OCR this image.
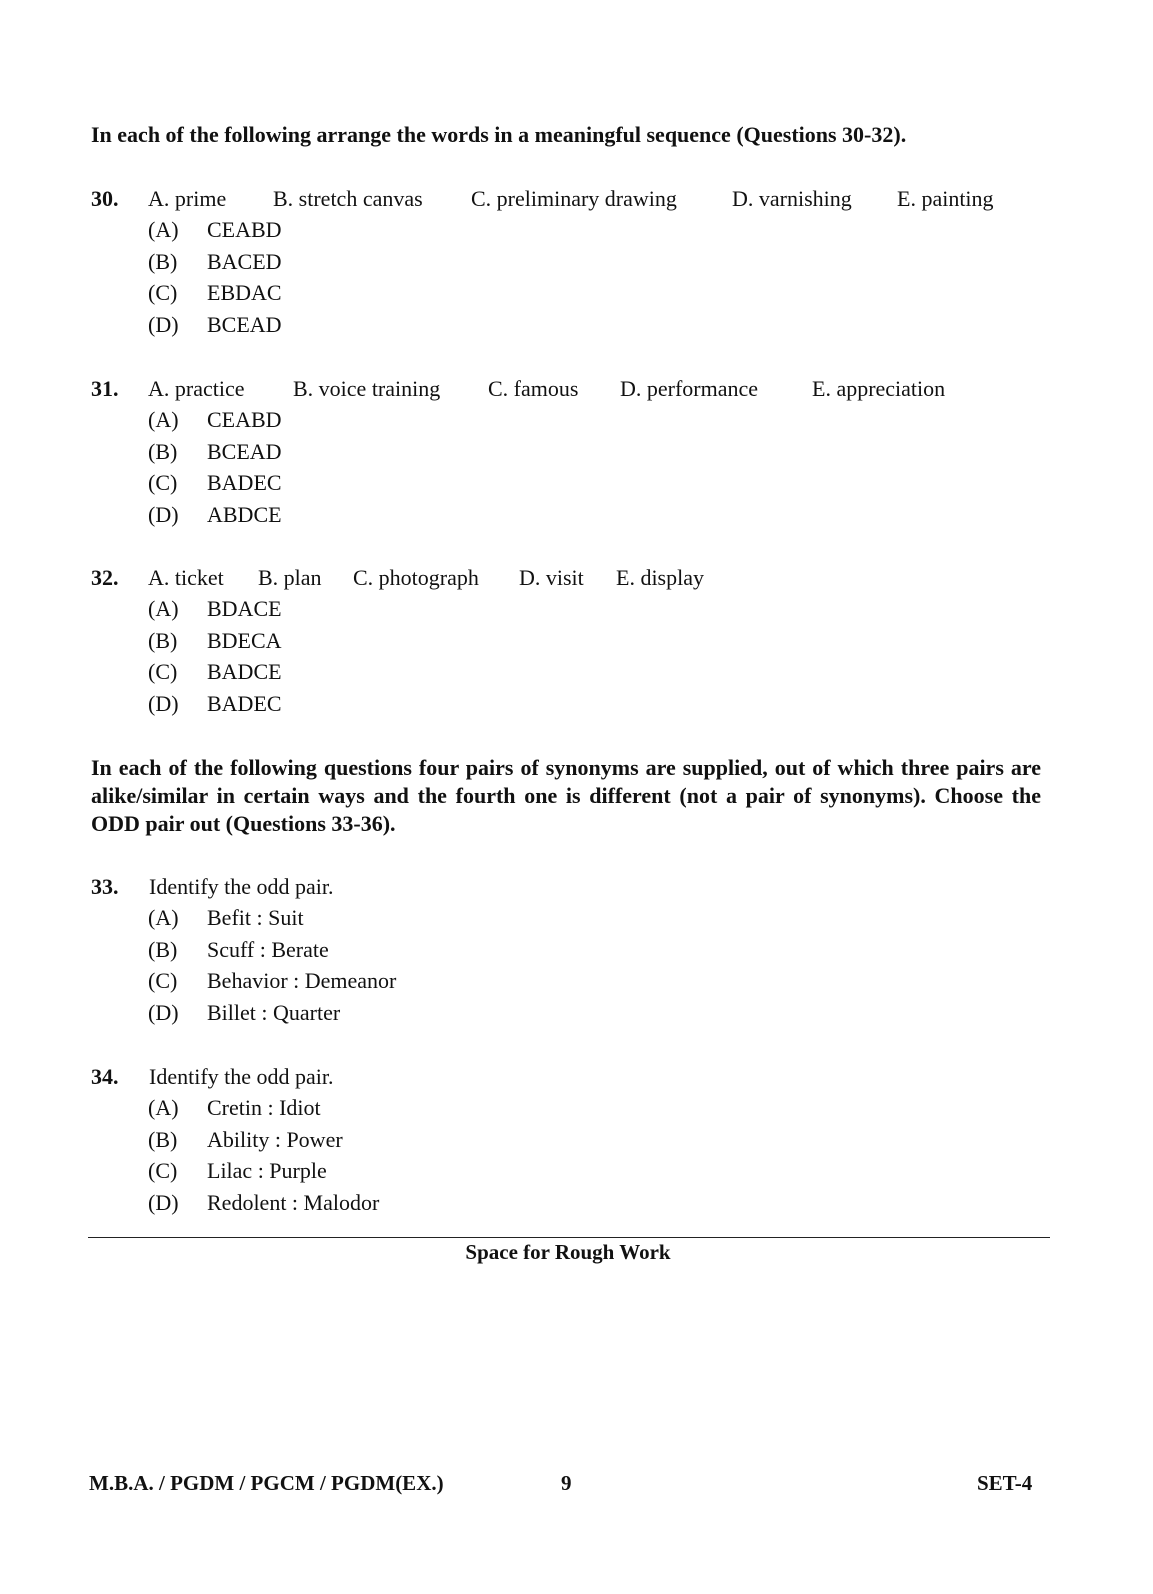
In each of the following arrange the words in a meaningful sequence (Questions 30-32).
30. A. prime B. stretch canvas C. preliminary drawing	D. varnishing E. painting
(A) CEABD
(B) BACED
(C) EBDAC
(D) BCEAD
31. A. practice B. voice training C. famous D. performance E. appreciation
(A) CEABD
(B) BCEAD
(C) BADEC
(D) ABDCE
32. A. ticket B. plan C. photograph D. visit E. display
(A) BDACE
(B) BDECA
(C) BADCE
(D) BADEC
In each of the following questions four pairs of synonyms are supplied, out of which three pairs are alike/similar in certain ways and the fourth one is different (not a pair of synonyms). Choose the ODD pair out (Questions 33-36).
33. Identify the odd pair.
(A) Befit : Suit
(B) Scuff : Berate
(C) Behavior : Demeanor
(D) Billet : Quarter
34. Identify the odd pair.
(A) Cretin : Idiot
(B) Ability : Power
(C) Lilac : Purple
(D) Redolent : Malodor
Space for Rough Work
M.B.A. / PGDM / PGCM / PGDM(EX.)	9	SET-4
